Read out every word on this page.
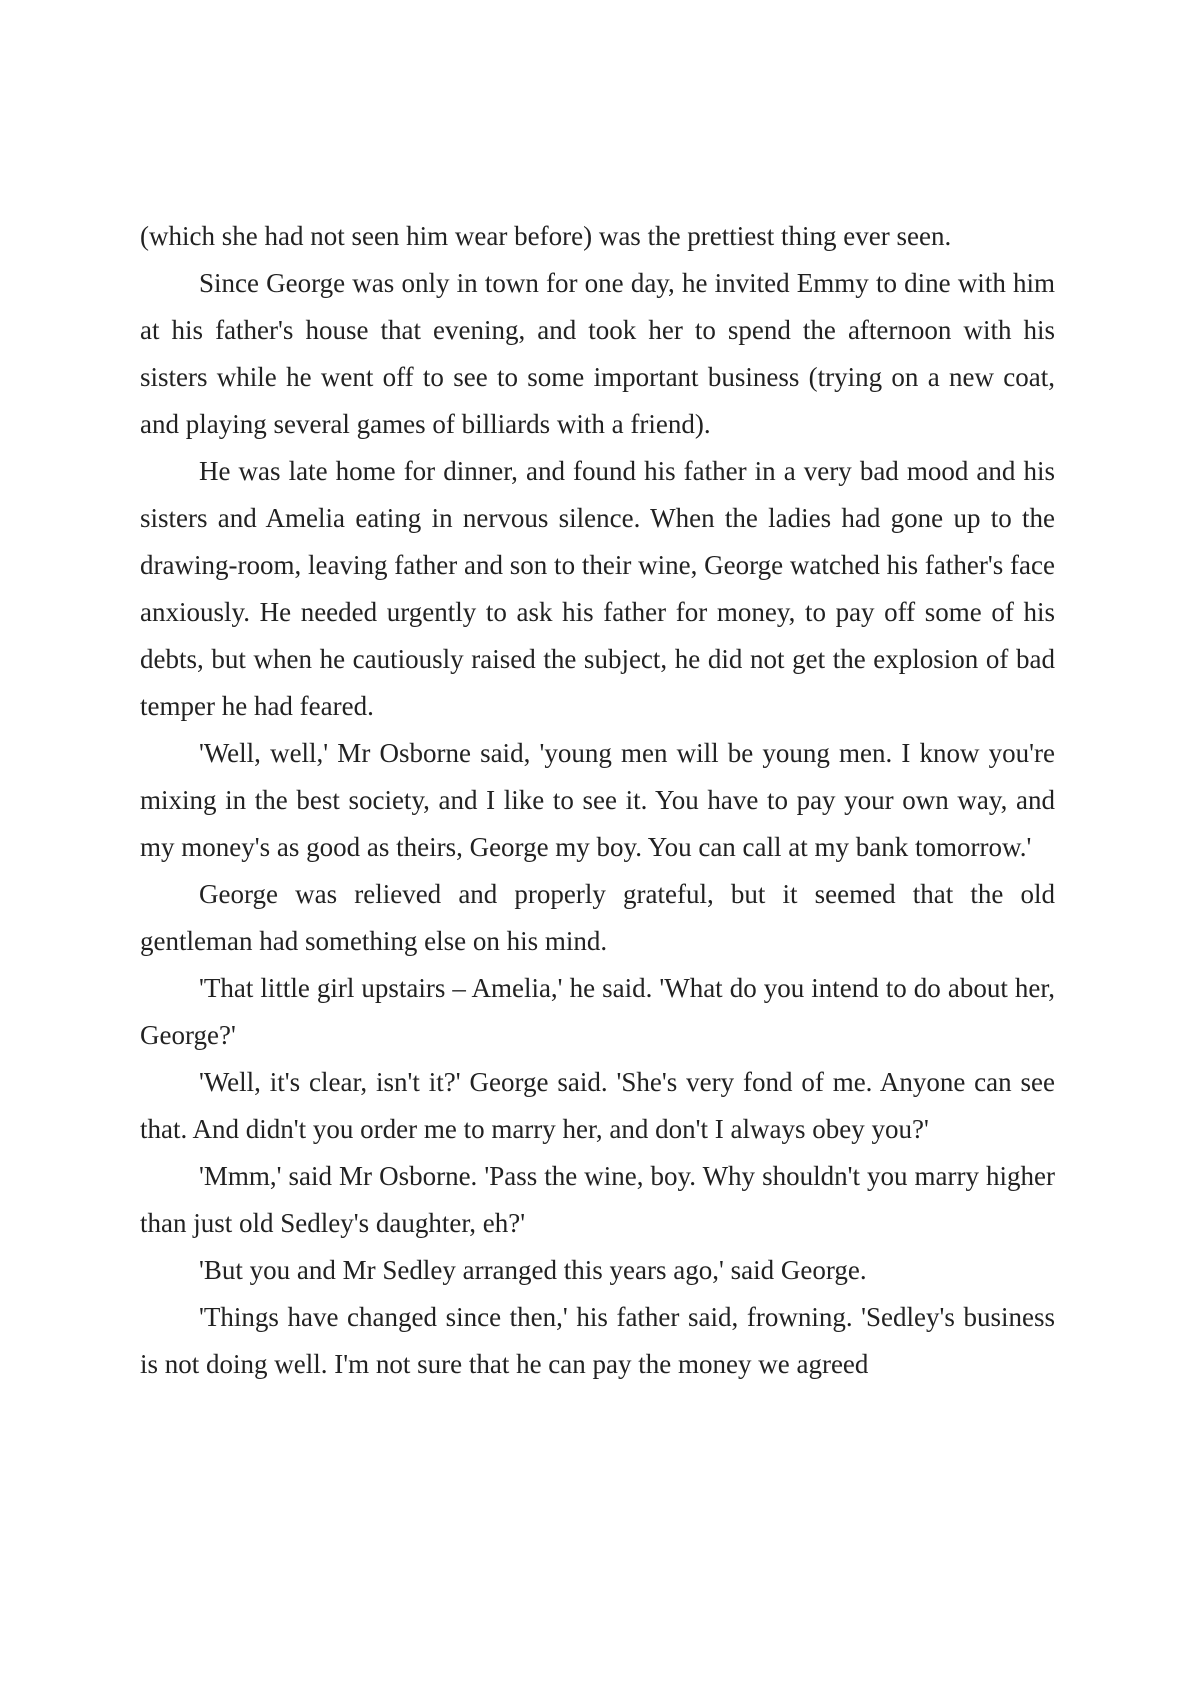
(which she had not seen him wear before) was the prettiest thing ever seen.

Since George was only in town for one day, he invited Emmy to dine with him at his father's house that evening, and took her to spend the afternoon with his sisters while he went off to see to some important business (trying on a new coat, and playing several games of billiards with a friend).

He was late home for dinner, and found his father in a very bad mood and his sisters and Amelia eating in nervous silence. When the ladies had gone up to the drawing-room, leaving father and son to their wine, George watched his father's face anxiously. He needed urgently to ask his father for money, to pay off some of his debts, but when he cautiously raised the subject, he did not get the explosion of bad temper he had feared.

'Well, well,' Mr Osborne said, 'young men will be young men. I know you're mixing in the best society, and I like to see it. You have to pay your own way, and my money's as good as theirs, George my boy. You can call at my bank tomorrow.'

George was relieved and properly grateful, but it seemed that the old gentleman had something else on his mind.

'That little girl upstairs – Amelia,' he said. 'What do you intend to do about her, George?'

'Well, it's clear, isn't it?' George said. 'She's very fond of me. Anyone can see that. And didn't you order me to marry her, and don't I always obey you?'

'Mmm,' said Mr Osborne. 'Pass the wine, boy. Why shouldn't you marry higher than just old Sedley's daughter, eh?'

'But you and Mr Sedley arranged this years ago,' said George.

'Things have changed since then,' his father said, frowning. 'Sedley's business is not doing well. I'm not sure that he can pay the money we agreed
